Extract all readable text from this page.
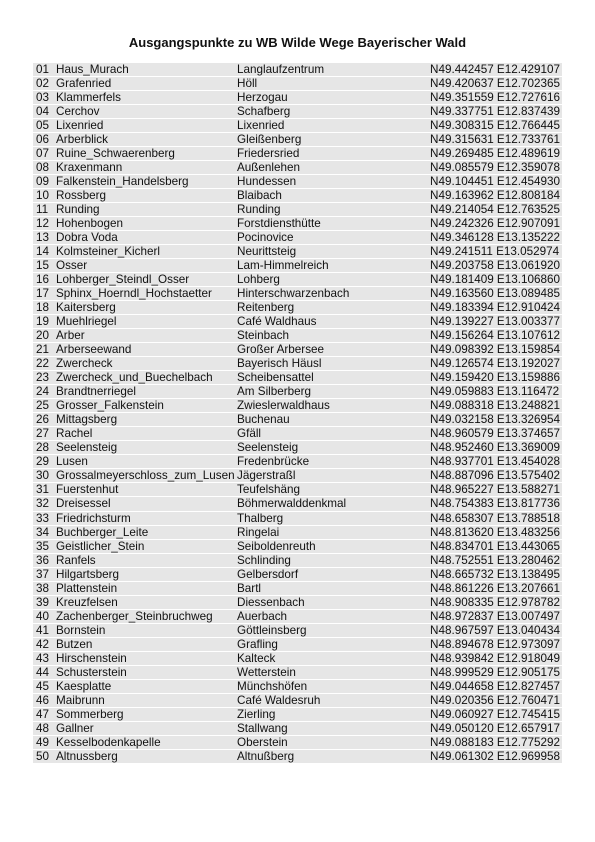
Ausgangspunkte zu WB Wilde Wege Bayerischer Wald
01 Haus_Murach	Langlaufzentrum	N49.442457 E12.429107
02 Grafenried	Höll	N49.420637 E12.702365
03 Klammerfels	Herzogau	N49.351559 E12.727616
04 Cerchov	Schafberg	N49.337751 E12.837439
05 Lixenried	Lixenried	N49.308315 E12.766445
06 Arberblick	Gleißenberg	N49.315631 E12.733761
07 Ruine_Schwaerenberg	Friedersried	N49.269485 E12.489619
08 Kraxenmann	Außenlehen	N49.085579 E12.359078
09 Falkenstein_Handelsberg	Hundessen	N49.104451 E12.454930
10 Rossberg	Blaibach	N49.163962 E12.808184
11 Runding	Runding	N49.214054 E12.763525
12 Hohenbogen	Forstdiensthütte	N49.242326 E12.907091
13 Dobra Voda	Pocinovice	N49.346128 E13.135222
14 Kolmsteiner_Kicherl	Neurittsteig	N49.241511 E13.052974
15 Osser	Lam-Himmelreich	N49.203758 E13.061920
16 Lohberger_Steindl_Osser	Lohberg	N49.181409 E13.106860
17 Sphinx_Hoerndl_Hochstaetter Hinterschwarzenbach	N49.163560 E13.089485
18 Kaitersberg	Reitenberg	N49.183394 E12.910424
19 Muehlriegel	Café Waldhaus	N49.139227 E13.003377
20 Arber	Steinbach	N49.156264 E13.107612
21 Arberseewand	Großer Arbersee	N49.098392 E13.159854
22 Zwercheck	Bayerisch Häusl	N49.126574 E13.192027
23 Zwercheck_und_Buechelbach Scheibensattel	N49.159420 E13.159886
24 Brandtnerriegel	Am Silberberg	N49.059883 E13.116472
25 Grosser_Falkenstein	Zwieslerwaldhaus	N49.088318 E13.248821
26 Mittagsberg	Buchenau	N49.032158 E13.326954
27 Rachel	Gfäll	N48.960579 E13.374657
28 Seelensteig	Seelensteig	N48.952460 E13.369009
29 Lusen	Fredenbrücke	N48.937701 E13.454028
30 Grossalmeyerschloss_zum_Lusen Jägerstraßl	N48.887096 E13.575402
31 Fuerstenhut	Teufelshäng	N48.965227 E13.588271
32 Dreisessel	Böhmerwalddenkmal	N48.754383 E13.817736
33 Friedrichsturm	Thalberg	N48.658307 E13.788518
34 Buchberger_Leite	Ringelai	N48.813620 E13.483256
35 Geistlicher_Stein	Seiboldenreuth	N48.834701 E13.443065
36 Ranfels	Schlinding	N48.752551 E13.280462
37 Hilgartsberg	Gelbersdorf	N48.665732 E13.138495
38 Plattenstein	Bartl	N48.861226 E13.207661
39 Kreuzfelsen	Diessenbach	N48.908335 E12.978782
40 Zachenberger_Steinbruchweg Auerbach	N48.972837 E13.007497
41 Bornstein	Göttleinsberg	N48.967597 E13.040434
42 Butzen	Grafling	N48.894678 E12.973097
43 Hirschenstein	Kalteck	N48.939842 E12.918049
44 Schusterstein	Wetterstein	N48.999529 E12.905175
45 Kaesplatte	Münchshöfen	N49.044658 E12.827457
46 Maibrunn	Café Waldesruh	N49.020356 E12.760471
47 Sommerberg	Zierling	N49.060927 E12.745415
48 Gallner	Stallwang	N49.050120 E12.657917
49 Kesselbodenkapelle	Oberstein	N49.088183 E12.775292
50 Altnussberg	Altnußberg	N49.061302 E12.969958
